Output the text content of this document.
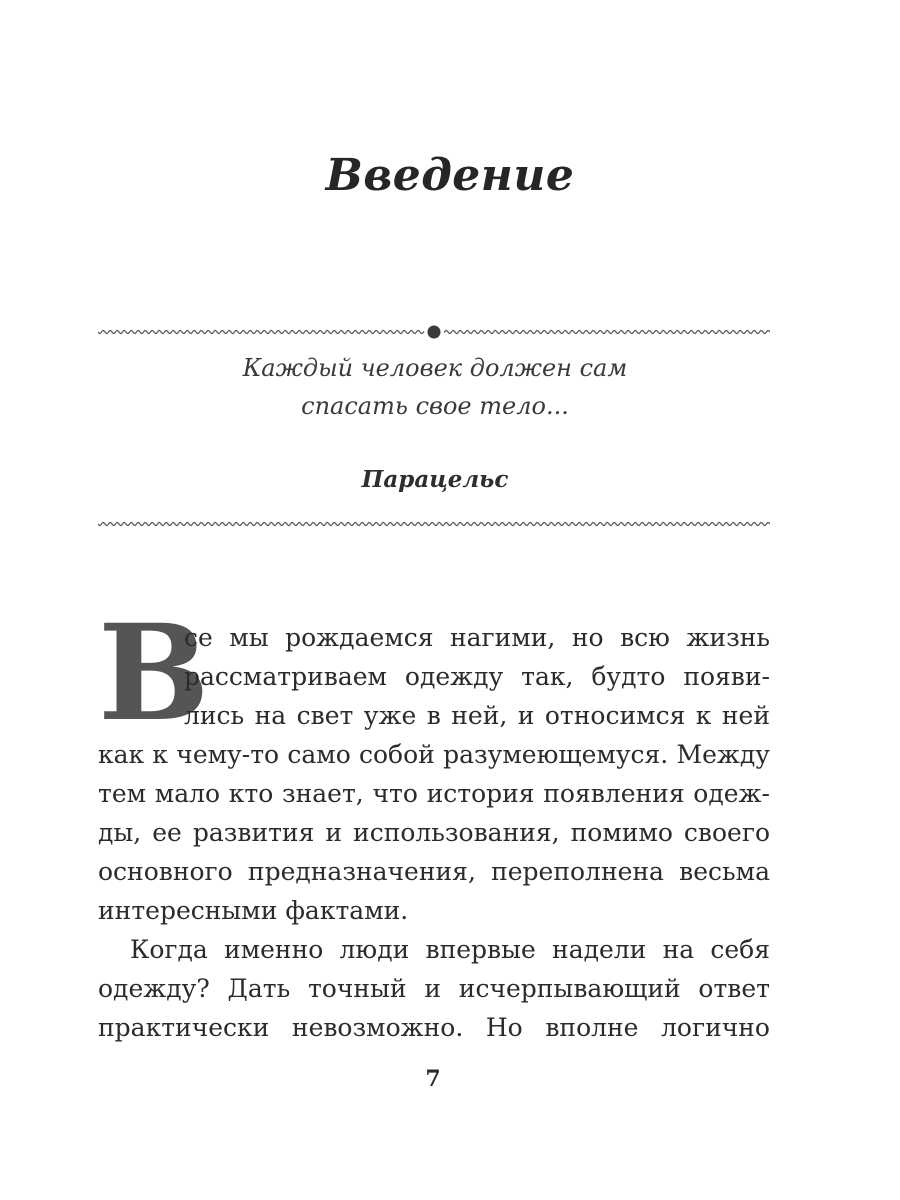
Введение
Каждый человек должен сам
спасать свое тело...
Парацельс
В
се мы рождаемся нагими, но всю жизнь
рассматриваем одежду так, будто появи-
лись на свет уже в ней, и относимся к ней
как к чему-то само собой разумеющемуся. Между
тем мало кто знает, что история появления одеж-
ды, ее развития и использования, помимо своего
основного предназначения, переполнена весьма
интересными фактами.
Когда именно люди впервые надели на себя
одежду? Дать точный и исчерпывающий ответ
практически невозможно. Но вполне логично
7
